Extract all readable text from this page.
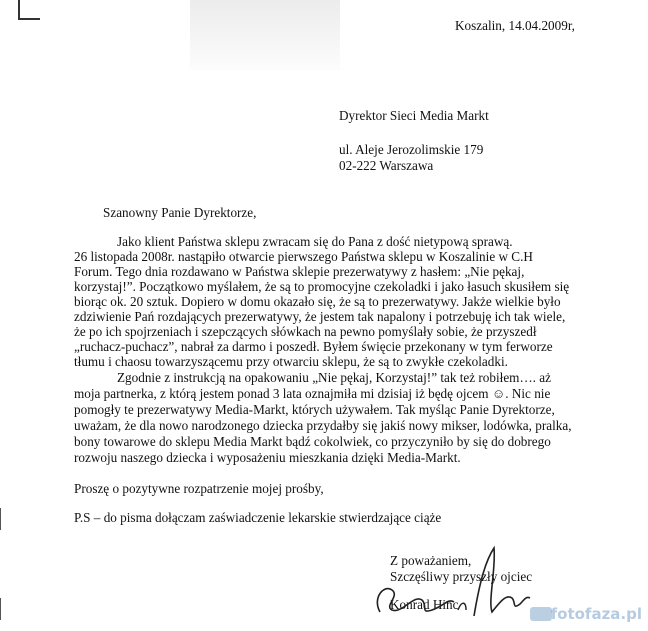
Koszalin, 14.04.2009r,
Dyrektor Sieci Media Markt
ul. Aleje Jerozolimskie 179
02-222 Warszawa
Szanowny Panie Dyrektorze,
Jako klient Państwa sklepu zwracam się do Pana z dość nietypową sprawą.
26 listopada 2008r. nastąpiło otwarcie pierwszego Państwa sklepu w Koszalinie w C.H
Forum. Tego dnia rozdawano w Państwa sklepie prezerwatywy z hasłem: „Nie pękaj,
korzystaj!”. Początkowo myślałem, że są to promocyjne czekoladki i jako łasuch skusiłem się
biorąc ok. 20 sztuk. Dopiero w domu okazało się, że są to prezerwatywy. Jakże wielkie było
zdziwienie Pań rozdających prezerwatywy, że jestem tak napalony i potrzebuję ich tak wiele,
że po ich spojrzeniach i szepczących słówkach na pewno pomyślały sobie, że przyszedł
„ruchacz-puchacz”, nabrał za darmo i poszedł. Byłem święcie przekonany w tym ferworze
tłumu i chaosu towarzyszącemu przy otwarciu sklepu, że są to zwykłe czekoladki.
Zgodnie z instrukcją na opakowaniu „Nie pękaj, Korzystaj!” tak też robiłem…. aż
moja partnerka, z którą jestem ponad 3 lata oznajmiła mi dzisiaj iż będę ojcem ☺. Nic nie
pomogły te prezerwatywy Media-Markt, których używałem. Tak myśląc Panie Dyrektorze,
uważam, że dla nowo narodzonego dziecka przydałby się jakiś nowy mikser, lodówka, pralka,
bony towarowe do sklepu Media Markt bądź cokolwiek, co przyczyniło by się do dobrego
rozwoju naszego dziecka i wyposażeniu mieszkania dzięki Media-Markt.
Proszę o pozytywne rozpatrzenie mojej prośby,
P.S – do pisma dołączam zaświadczenie lekarskie stwierdzające ciąże
Z poważaniem,
Szczęśliwy przyszły ojciec
Konrad Hinc
fotofaza.pl
